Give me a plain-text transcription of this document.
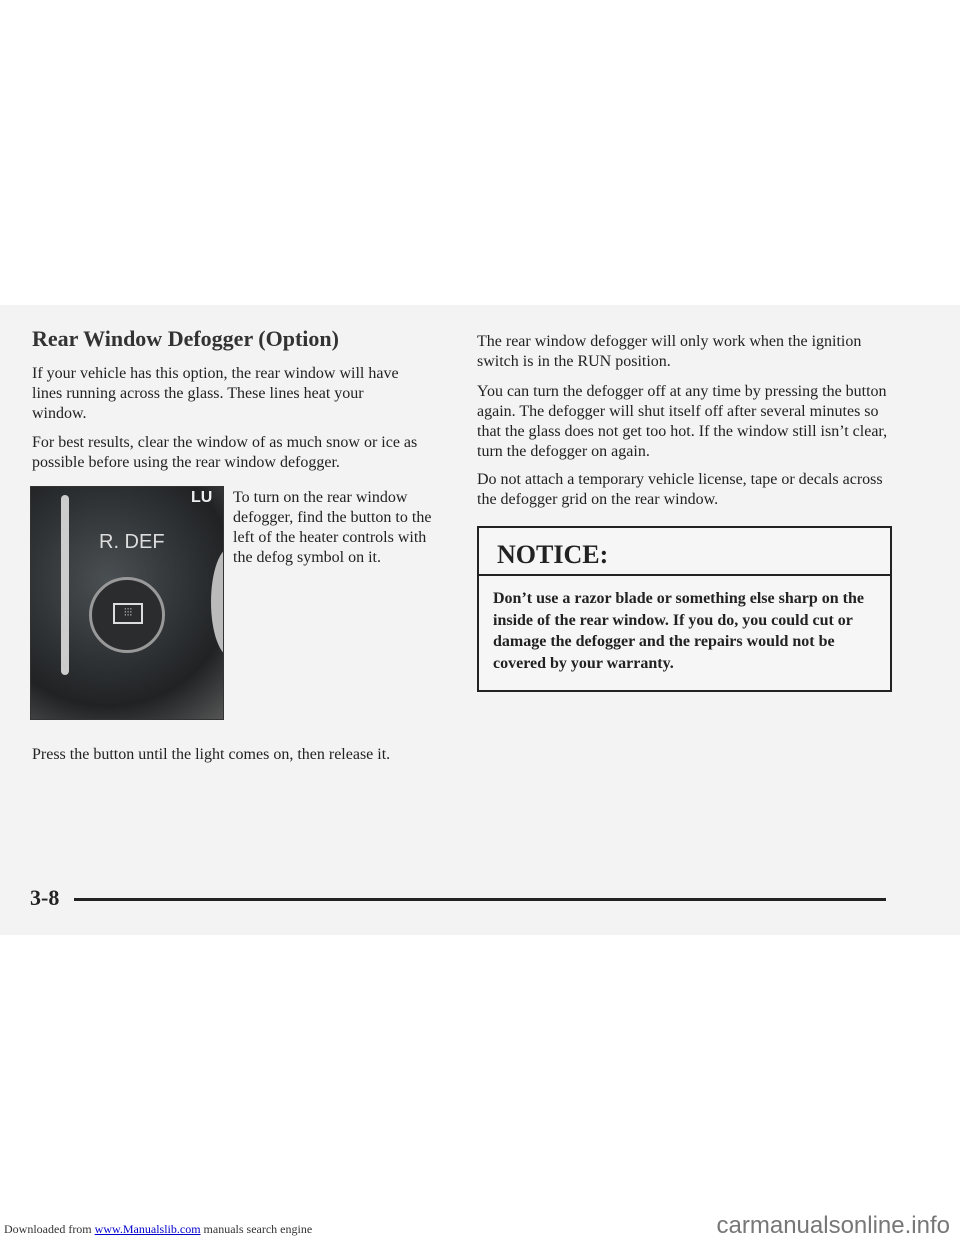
Rear Window Defogger (Option)

If your vehicle has this option, the rear window will have lines running across the glass. These lines heat your window.

For best results, clear the window of as much snow or ice as possible before using the rear window defogger.

LU
R. DEF
⫶⫶⫶

To turn on the rear window defogger, find the button to the left of the heater controls with the defog symbol on it.

Press the button until the light comes on, then release it.

The rear window defogger will only work when the ignition switch is in the RUN position.

You can turn the defogger off at any time by pressing the button again. The defogger will shut itself off after several minutes so that the glass does not get too hot. If the window still isn’t clear, turn the defogger on again.

Do not attach a temporary vehicle license, tape or decals across the defogger grid on the rear window.

NOTICE:
Don’t use a razor blade or something else sharp on the inside of the rear window. If you do, you could cut or damage the defogger and the repairs would not be covered by your warranty.
3-8
Downloaded from www.Manualslib.com manuals search engine	carmanualsonline.info
